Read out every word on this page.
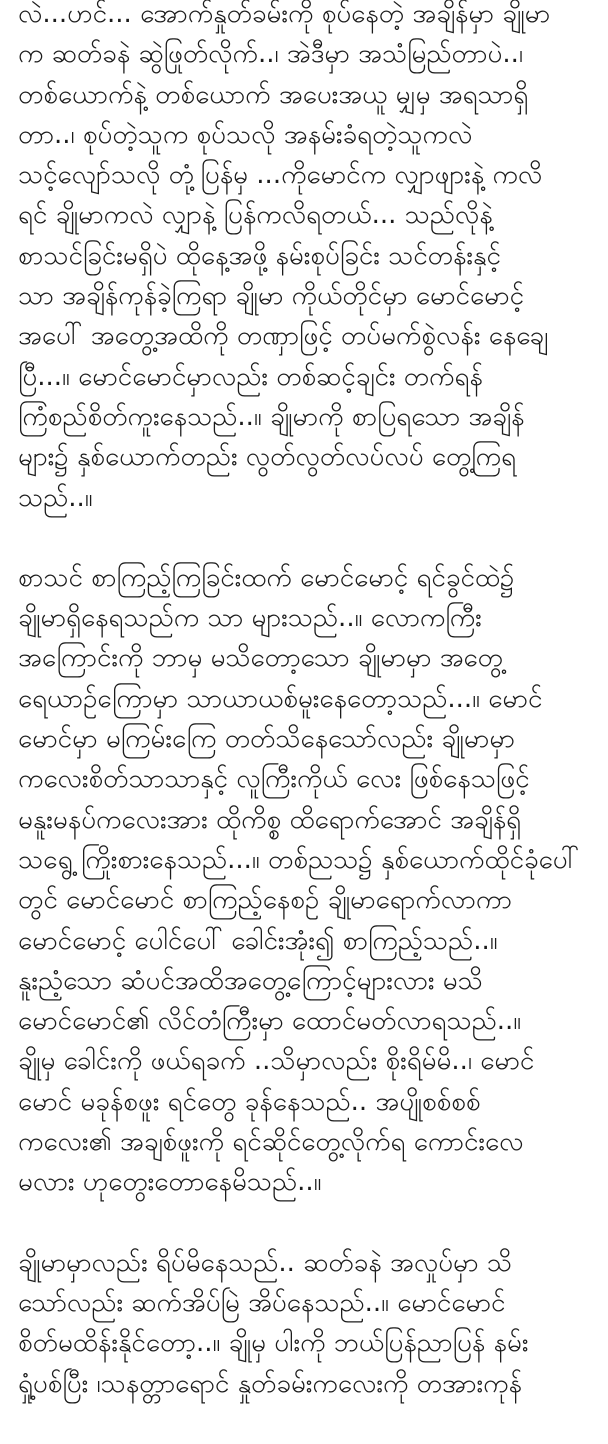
လဲ...ဟင်... အောက်နှုတ်ခမ်းကို စုပ်နေတဲ့ အချိန်မှာ ချိုမာ
က ဆတ်ခနဲ ဆွဲဖြုတ်လိုက်..၊ အဲဒီမှာ အသံမြည်တာပဲ..၊
တစ်ယောက်နဲ့ တစ်ယောက် အပေးအယူ မျှမှ အရသာရှိ
တာ..၊ စုပ်တဲ့သူက စုပ်သလို အနမ်းခံရတဲ့သူကလဲ
သင့်လျော်သလို တုံ့ပြန်မှ ...ကိုမောင်က လျှာဖျားနဲ့ ကလိ
ရင် ချိုမာကလဲ လျှာနဲ့ ပြန်ကလိရတယ်... သည်လိုနဲ့
စာသင်ခြင်းမရှိပဲ ထိုနေ့အဖို့ နမ်းစုပ်ခြင်း သင်တန်းနှင့်
သာ အချိန်ကုန်ခဲ့ကြရာ ချိုမာ ကိုယ်တိုင်မှာ မောင်မောင့်
အပေါ် အတွေ့အထိကို တဏှာဖြင့် တပ်မက်စွဲလန်း နေချေ
ပြီ...။ မောင်မောင်မှာလည်း တစ်ဆင့်ချင်း တက်ရန်
ကြံစည်စိတ်ကူးနေသည်..။ ချိုမာကို စာပြရသော အချိန်
များ၌ နှစ်ယောက်တည်း လွတ်လွတ်လပ်လပ် တွေ့ကြရ
သည်..။

စာသင် စာကြည့်ကြခြင်းထက် မောင်မောင့် ရင်ခွင်ထဲ၌
ချိုမာရှိနေရသည်က သာ များသည်..။ လောကကြီး
အကြောင်းကို ဘာမှ မသိတော့သော ချိုမာမှာ အတွေ့
ရေယာဉ်ကြောမှာ သာယာယစ်မူးနေတော့သည်...။ မောင်
မောင်မှာ မကြမ်းကြေ တတ်သိနေသော်လည်း ချိုမာမှာ
ကလေးစိတ်သာသာနှင့် လူကြီးကိုယ် လေး ဖြစ်နေသဖြင့်
မနူးမနပ်ကလေးအား ထိုကိစ္စ ထိရောက်အောင် အချိန်ရှိ
သရွေ့ ကြိုးစားနေသည်...။ တစ်ညသ၌ နှစ်ယောက်ထိုင်ခုံပေါ်
တွင် မောင်မောင် စာကြည့်နေစဉ် ချိုမာရောက်လာကာ
မောင်မောင့် ပေါင်ပေါ် ခေါင်းအုံး၍ စာကြည့်သည်..။
နူးညံ့သော ဆံပင်အထိအတွေ့ကြောင့်များလား မသိ
မောင်မောင်၏ လိင်တံကြီးမှာ ထောင်မတ်လာရသည်..။
ချိုမှ ခေါင်းကို ဖယ်ရခက် ..သိမှာလည်း စိုးရိမ်မိ..၊ မောင်
မောင် မခုန်စဖူး ရင်တွေ ခုန်နေသည်.. အပျိုစစ်စစ်
ကလေး၏ အချစ်ဖူးကို ရင်ဆိုင်တွေ့လိုက်ရ ကောင်းလေ
မလား ဟုတွေးတောနေမိသည်..။

ချိုမာမှာလည်း ရိပ်မိနေသည်.. ဆတ်ခနဲ အလှုပ်မှာ သိ
သော်လည်း ဆက်အိပ်မြဲ အိပ်နေသည်..။ မောင်မောင်
စိတ်မထိန်းနိုင်တော့..။ ချိုမှ ပါးကို ဘယ်ပြန်ညာပြန် နမ်း
ရှုံ့ပစ်ပြီး ၊သနတ္တာရောင် နှုတ်ခမ်းကလေးကို တအားကုန်
